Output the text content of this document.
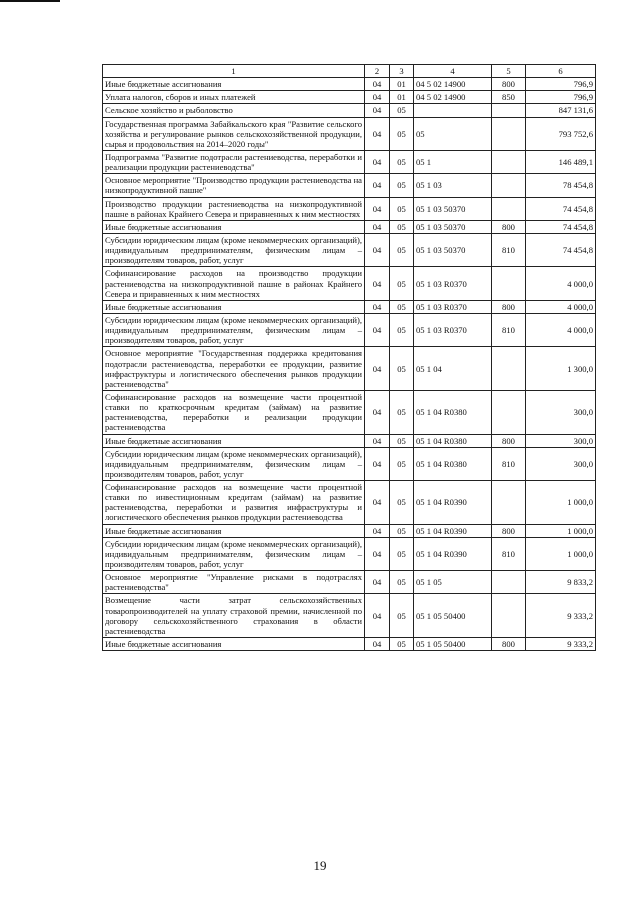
1	2	3	4	5	6
Иные бюджетные ассигнования	04	01	04 5 02 14900	800	796,9
Уплата налогов, сборов и иных платежей	04	01	04 5 02 14900	850	796,9
Сельское хозяйство и рыболовство	04	05			847 131,6
Государственная программа Забайкальского края "Развитие сельского хозяйства и регулирование рынков сельскохозяйственной продукции, сырья и продовольствия на 2014–2020 годы"	04	05	05		793 752,6
Подпрограмма "Развитие подотрасли растениеводства, переработки и реализации продукции растениеводства"	04	05	05 1		146 489,1
Основное мероприятие "Производство продукции растениеводства на низкопродуктивной пашне"	04	05	05 1 03		78 454,8
Производство продукции растениеводства на низкопродуктивной пашне в районах Крайнего Севера и приравненных к ним местностях	04	05	05 1 03 50370		74 454,8
Иные бюджетные ассигнования	04	05	05 1 03 50370	800	74 454,8
Субсидии юридическим лицам (кроме некоммерческих организаций), индивидуальным предпринимателям, физическим лицам – производителям товаров, работ, услуг	04	05	05 1 03 50370	810	74 454,8
Софинансирование расходов на производство продукции растениеводства на низкопродуктивной пашне в районах Крайнего Севера и приравненных к ним местностях	04	05	05 1 03 R0370		4 000,0
Иные бюджетные ассигнования	04	05	05 1 03 R0370	800	4 000,0
Субсидии юридическим лицам (кроме некоммерческих организаций), индивидуальным предпринимателям, физическим лицам – производителям товаров, работ, услуг	04	05	05 1 03 R0370	810	4 000,0
Основное мероприятие "Государственная поддержка кредитования подотрасли растениеводства, переработки ее продукции, развитие инфраструктуры и логистического обеспечения рынков продукции растениеводства"	04	05	05 1 04		1 300,0
Софинансирование расходов на возмещение части процентной ставки по краткосрочным кредитам (займам) на развитие растениеводства, переработки и реализации продукции растениеводства	04	05	05 1 04 R0380		300,0
Иные бюджетные ассигнования	04	05	05 1 04 R0380	800	300,0
Субсидии юридическим лицам (кроме некоммерческих организаций), индивидуальным предпринимателям, физическим лицам – производителям товаров, работ, услуг	04	05	05 1 04 R0380	810	300,0
Софинансирование расходов на возмещение части процентной ставки по инвестиционным кредитам (займам) на развитие растениеводства, переработки и развития инфраструктуры и логистического обеспечения рынков продукции растениеводства	04	05	05 1 04 R0390		1 000,0
Иные бюджетные ассигнования	04	05	05 1 04 R0390	800	1 000,0
Субсидии юридическим лицам (кроме некоммерческих организаций), индивидуальным предпринимателям, физическим лицам – производителям товаров, работ, услуг	04	05	05 1 04 R0390	810	1 000,0
Основное мероприятие "Управление рисками в подотраслях растениеводства"	04	05	05 1 05		9 833,2
Возмещение части затрат сельскохозяйственных товаропроизводителей на уплату страховой премии, начисленной по договору сельскохозяйственного страхования в области растениеводства	04	05	05 1 05 50400		9 333,2
Иные бюджетные ассигнования	04	05	05 1 05 50400	800	9 333,2
19
